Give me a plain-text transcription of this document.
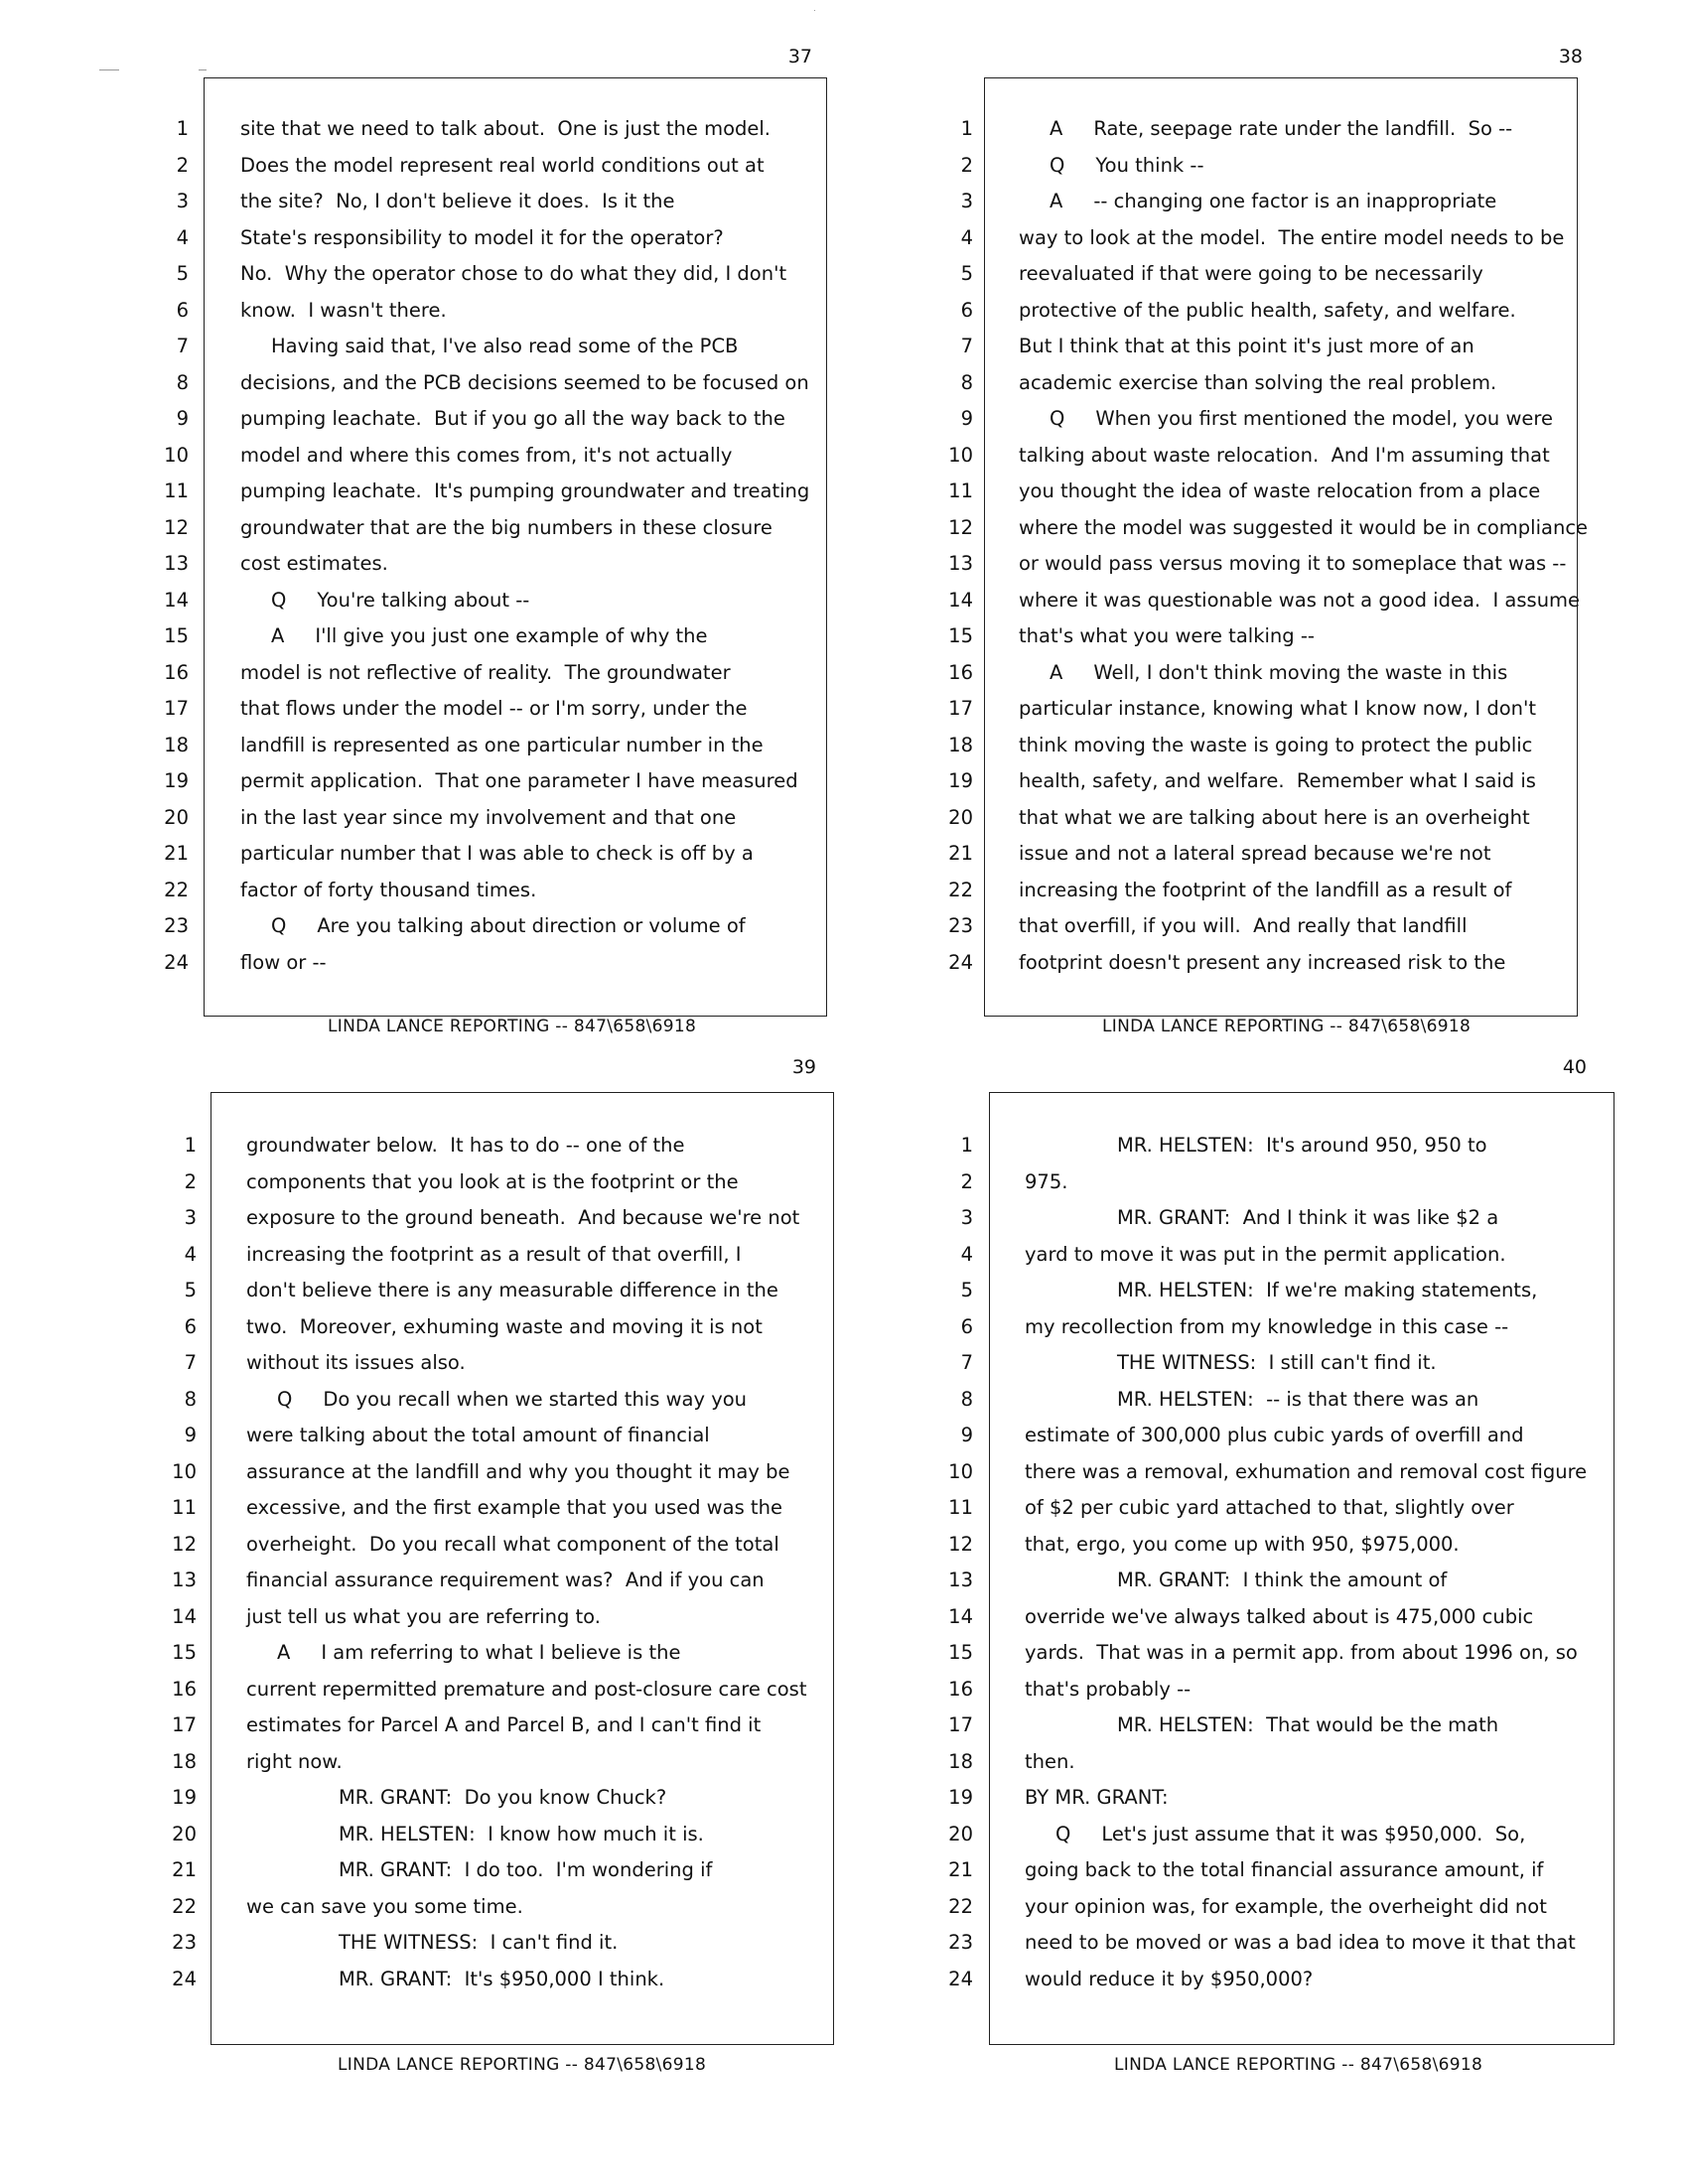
37
1	site that we need to talk about.  One is just the model.
2	Does the model represent real world conditions out at
3	the site?  No, I don't believe it does.  Is it the
4	State's responsibility to model it for the operator?
5	No.  Why the operator chose to do what they did, I don't
6	know.  I wasn't there.
7	Having said that, I've also read some of the PCB
8	decisions, and the PCB decisions seemed to be focused on
9	pumping leachate.  But if you go all the way back to the
10	model and where this comes from, it's not actually
11	pumping leachate.  It's pumping groundwater and treating
12	groundwater that are the big numbers in these closure
13	cost estimates.
14	Q     You're talking about --
15	A     I'll give you just one example of why the
16	model is not reflective of reality.  The groundwater
17	that flows under the model -- or I'm sorry, under the
18	landfill is represented as one particular number in the
19	permit application.  That one parameter I have measured
20	in the last year since my involvement and that one
21	particular number that I was able to check is off by a
22	factor of forty thousand times.
23	Q     Are you talking about direction or volume of
24	flow or --
LINDA LANCE REPORTING -- 847\658\6918
38
1 A     Rate, seepage rate under the landfill.  So --
2 Q     You think --
3 A     -- changing one factor is an inappropriate
4 way to look at the model.  The entire model needs to be
5 reevaluated if that were going to be necessarily
6 protective of the public health, safety, and welfare.
7 But I think that at this point it's just more of an
8 academic exercise than solving the real problem.
9 Q     When you first mentioned the model, you were
10 talking about waste relocation.  And I'm assuming that
11 you thought the idea of waste relocation from a place
12 where the model was suggested it would be in compliance
13 or would pass versus moving it to someplace that was --
14 where it was questionable was not a good idea.  I assume
15 that's what you were talking --
16 A     Well, I don't think moving the waste in this
17 particular instance, knowing what I know now, I don't
18 think moving the waste is going to protect the public
19 health, safety, and welfare.  Remember what I said is
20 that what we are talking about here is an overheight
21 issue and not a lateral spread because we're not
22 increasing the footprint of the landfill as a result of
23 that overfill, if you will.  And really that landfill
24 footprint doesn't present any increased risk to the
LINDA LANCE REPORTING -- 847\658\6918
39
1	groundwater below.  It has to do -- one of the
2	components that you look at is the footprint or the
3	exposure to the ground beneath.  And because we're not
4	increasing the footprint as a result of that overfill, I
5	don't believe there is any measurable difference in the
6	two.  Moreover, exhuming waste and moving it is not
7	without its issues also.
8	Q     Do you recall when we started this way you
9	were talking about the total amount of financial
10	assurance at the landfill and why you thought it may be
11	excessive, and the first example that you used was the
12	overheight.  Do you recall what component of the total
13	financial assurance requirement was?  And if you can
14	just tell us what you are referring to.
15	A     I am referring to what I believe is the
16	current repermitted premature and post-closure care cost
17	estimates for Parcel A and Parcel B, and I can't find it
18	right now.
19	MR. GRANT:  Do you know Chuck?
20	MR. HELSTEN:  I know how much it is.
21	MR. GRANT:  I do too.  I'm wondering if
22	we can save you some time.
23	THE WITNESS:  I can't find it.
24	MR. GRANT:  It's $950,000 I think.
LINDA LANCE REPORTING -- 847\658\6918
40
1	MR. HELSTEN:  It's around 950, 950 to
2	975.
3	MR. GRANT:  And I think it was like $2 a
4	yard to move it was put in the permit application.
5	MR. HELSTEN:  If we're making statements,
6	my recollection from my knowledge in this case --
7	THE WITNESS:  I still can't find it.
8	MR. HELSTEN:  -- is that there was an
9	estimate of 300,000 plus cubic yards of overfill and
10	there was a removal, exhumation and removal cost figure
11	of $2 per cubic yard attached to that, slightly over
12	that, ergo, you come up with 950, $975,000.
13	MR. GRANT:  I think the amount of
14	override we've always talked about is 475,000 cubic
15	yards.  That was in a permit app. from about 1996 on, so
16	that's probably --
17	MR. HELSTEN:  That would be the math
18	then.
19	BY MR. GRANT:
20	Q     Let's just assume that it was $950,000.  So,
21	going back to the total financial assurance amount, if
22	your opinion was, for example, the overheight did not
23	need to be moved or was a bad idea to move it that that
24	would reduce it by $950,000?
LINDA LANCE REPORTING -- 847\658\6918
